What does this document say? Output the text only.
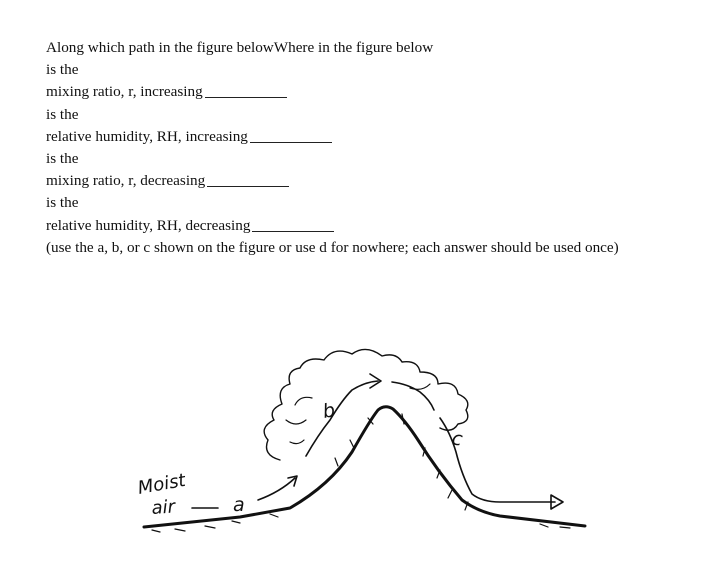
Along which path in the figure belowWhere in the figure below
is the
mixing ratio, r, increasing
is the
relative humidity, RH, increasing
is the
mixing ratio, r, decreasing
is the
relative humidity, RH, decreasing
(use the a, b, or c shown on the figure or use d for nowhere; each answer should be used once)
Moist
air	a
b
c
